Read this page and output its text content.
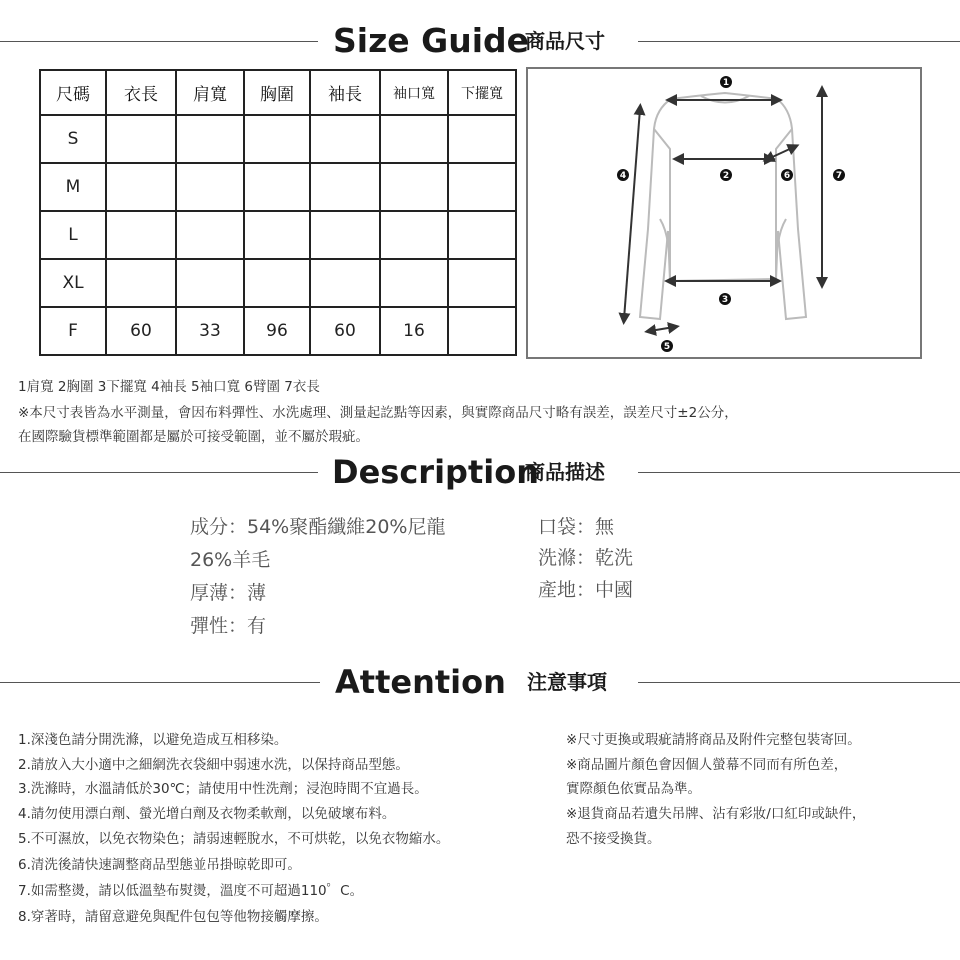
Size Guide
商品尺寸
尺碼	衣長	肩寬	胸圍	袖長	袖口寬	下擺寬
S						
M						
L						
XL						
F	60	33	96	60	16	
1
2
3
4
5
6	7
1肩寬 2胸圍 3下擺寬 4袖長 5袖口寬 6臂圍 7衣長
※本尺寸表皆為水平測量，會因布料彈性、水洗處理、測量起訖點等因素，與實際商品尺寸略有誤差，誤差尺寸±2公分，
在國際驗貨標準範圍都是屬於可接受範圍，並不屬於瑕疵。
Description
商品描述
成分：54%聚酯纖維20%尼龍
26%羊毛
厚薄：薄
彈性：有
口袋：無
洗滌：乾洗
產地：中國
Attention 注意事項
1.深淺色請分開洗滌，以避免造成互相移染。
2.請放入大小適中之細網洗衣袋細中弱速水洗，以保持商品型態。
3.洗滌時，水溫請低於30℃；請使用中性洗劑；浸泡時間不宜過長。
4.請勿使用漂白劑、螢光增白劑及衣物柔軟劑，以免破壞布料。
5.不可濕放，以免衣物染色；請弱速輕脫水，不可烘乾，以免衣物縮水。
6.清洗後請快速調整商品型態並吊掛晾乾即可。
7.如需整燙，請以低溫墊布熨燙，溫度不可超過110゜C。
8.穿著時，請留意避免與配件包包等他物接觸摩擦。
※尺寸更換或瑕疵請將商品及附件完整包裝寄回。
※商品圖片顏色會因個人螢幕不同而有所色差，
實際顏色依實品為準。
※退貨商品若遺失吊牌、沾有彩妝/口紅印或缺件，
恐不接受換貨。
